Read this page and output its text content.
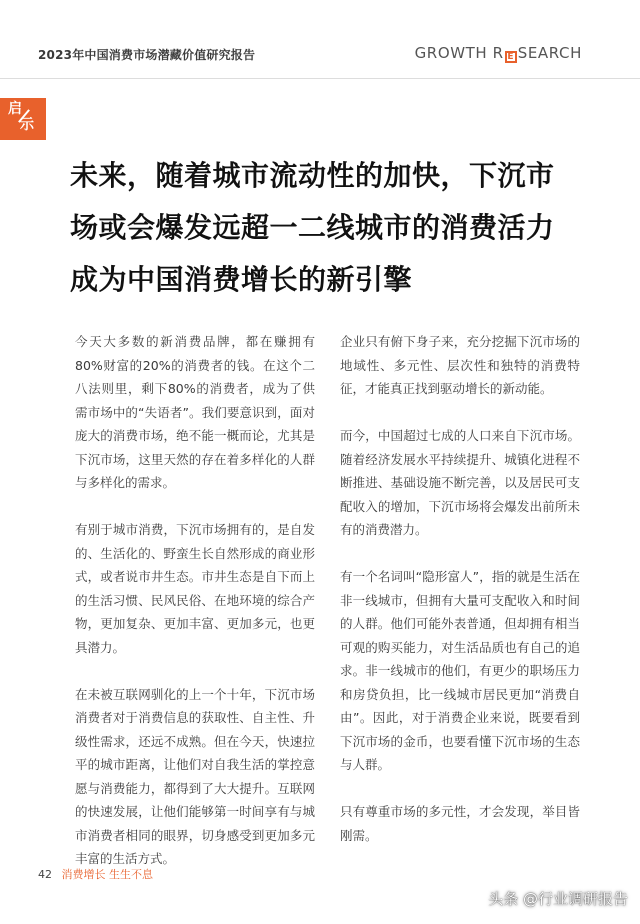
2023年中国消费市场潜藏价值研究报告	GROWTH R E SEARCH
启
示
未来，随着城市流动性的加快，下沉市
场或会爆发远超一二线城市的消费活力
成为中国消费增长的新引擎

今天大多数的新消费品牌，都在赚拥有80%财富的20%的消费者的钱。在这个二八法则里，剩下80%的消费者，成为了供需市场中的“失语者”。我们要意识到，面对庞大的消费市场，绝不能一概而论，尤其是下沉市场，这里天然的存在着多样化的人群与多样化的需求。

有别于城市消费，下沉市场拥有的，是自发的、生活化的、野蛮生长自然形成的商业形式，或者说市井生态。市井生态是自下而上的生活习惯、民风民俗、在地环境的综合产物，更加复杂、更加丰富、更加多元，也更具潜力。

在未被互联网驯化的上一个十年，下沉市场消费者对于消费信息的获取性、自主性、升级性需求，还远不成熟。但在今天，快速拉平的城市距离，让他们对自我生活的掌控意愿与消费能力，都得到了大大提升。互联网的快速发展，让他们能够第一时间享有与城市消费者相同的眼界，切身感受到更加多元丰富的生活方式。

企业只有俯下身子来，充分挖掘下沉市场的地域性、多元性、层次性和独特的消费特征，才能真正找到驱动增长的新动能。

而今，中国超过七成的人口来自下沉市场。随着经济发展水平持续提升、城镇化进程不断推进、基础设施不断完善，以及居民可支配收入的增加，下沉市场将会爆发出前所未有的消费潜力。

有一个名词叫“隐形富人”，指的就是生活在非一线城市，但拥有大量可支配收入和时间的人群。他们可能外表普通，但却拥有相当可观的购买能力，对生活品质也有自己的追求。非一线城市的他们，有更少的职场压力和房贷负担，比一线城市居民更加“消费自由”。因此，对于消费企业来说，既要看到下沉市场的金币，也要看懂下沉市场的生态与人群。

只有尊重市场的多元性，才会发现，举目皆刚需。

42 消费增长 生生不息
头条 @行业调研报告
